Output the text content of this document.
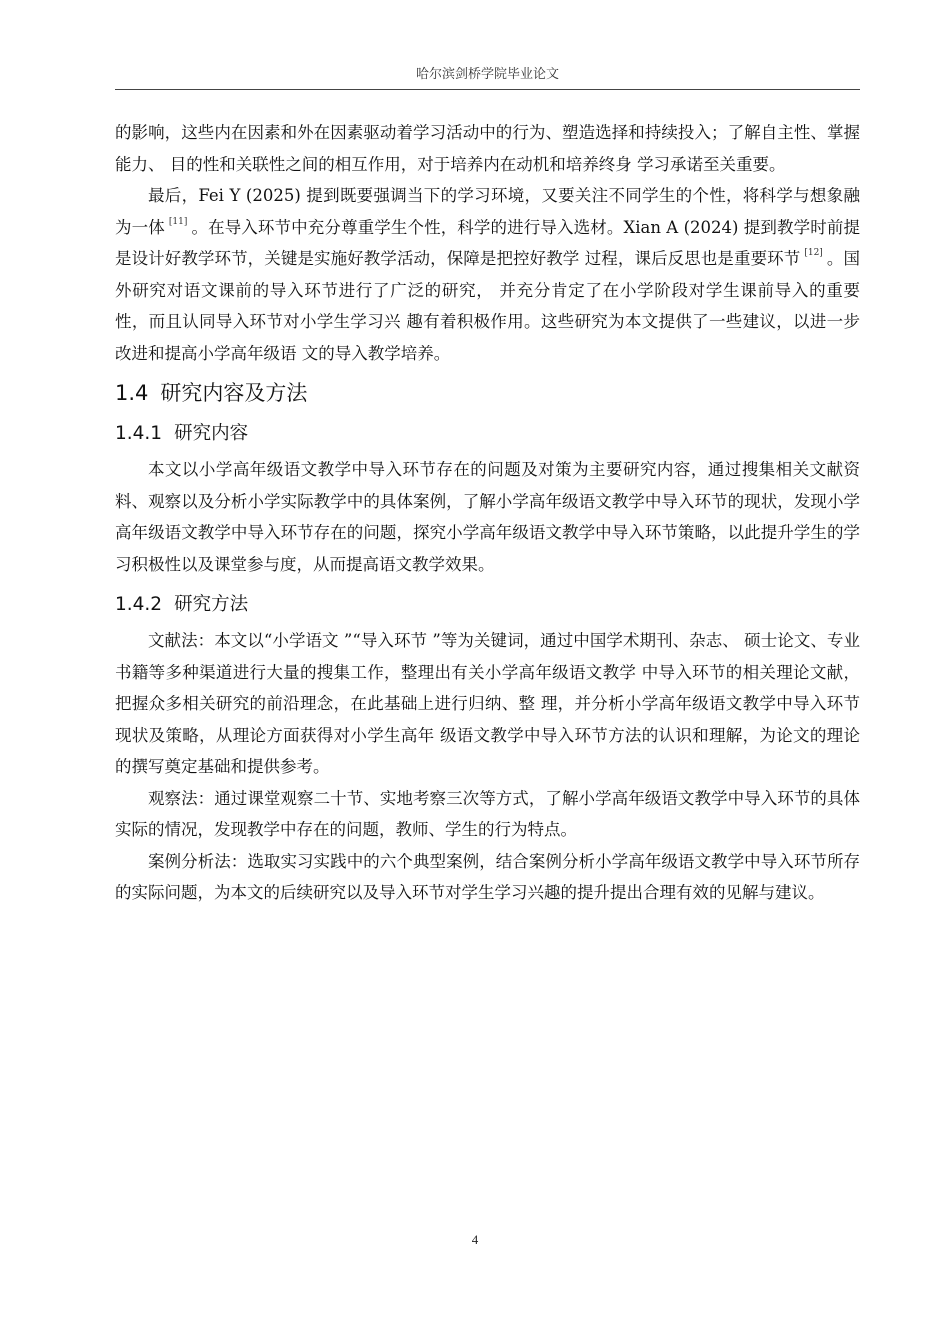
哈尔滨剑桥学院毕业论文

的影响，这些内在因素和外在因素驱动着学习活动中的行为、塑造选择和持续投入；了解自主性、掌握能力、 目的性和关联性之间的相互作用，对于培养内在动机和培养终身 学习承诺至关重要。

最后，Fei Y (2025) 提到既要强调当下的学习环境，又要关注不同学生的个性，将科学与想象融为一体 [11] 。在导入环节中充分尊重学生个性，科学的进行导入选材。Xian A (2024) 提到教学时前提是设计好教学环节，关键是实施好教学活动，保障是把控好教学 过程，课后反思也是重要环节 [12] 。国外研究对语文课前的导入环节进行了广泛的研究， 并充分肯定了在小学阶段对学生课前导入的重要性，而且认同导入环节对小学生学习兴 趣有着积极作用。这些研究为本文提供了一些建议，以进一步改进和提高小学高年级语 文的导入教学培养。

1.4 研究内容及方法
1.4.1 研究内容

本文以小学高年级语文教学中导入环节存在的问题及对策为主要研究内容，通过搜集相关文献资料、观察以及分析小学实际教学中的具体案例，了解小学高年级语文教学中导入环节的现状，发现小学高年级语文教学中导入环节存在的问题，探究小学高年级语文教学中导入环节策略，以此提升学生的学习积极性以及课堂参与度，从而提高语文教学效果。

1.4.2 研究方法

文献法：本文以“小学语文 ”“导入环节 ”等为关键词，通过中国学术期刊、杂志、 硕士论文、专业书籍等多种渠道进行大量的搜集工作，整理出有关小学高年级语文教学 中导入环节的相关理论文献，把握众多相关研究的前沿理念，在此基础上进行归纳、整 理，并分析小学高年级语文教学中导入环节现状及策略，从理论方面获得对小学生高年 级语文教学中导入环节方法的认识和理解，为论文的理论的撰写奠定基础和提供参考。

观察法：通过课堂观察二十节、实地考察三次等方式，了解小学高年级语文教学中导入环节的具体实际的情况，发现教学中存在的问题，教师、学生的行为特点。

案例分析法：选取实习实践中的六个典型案例，结合案例分析小学高年级语文教学中导入环节所存的实际问题，为本文的后续研究以及导入环节对学生学习兴趣的提升提出合理有效的见解与建议。

4
